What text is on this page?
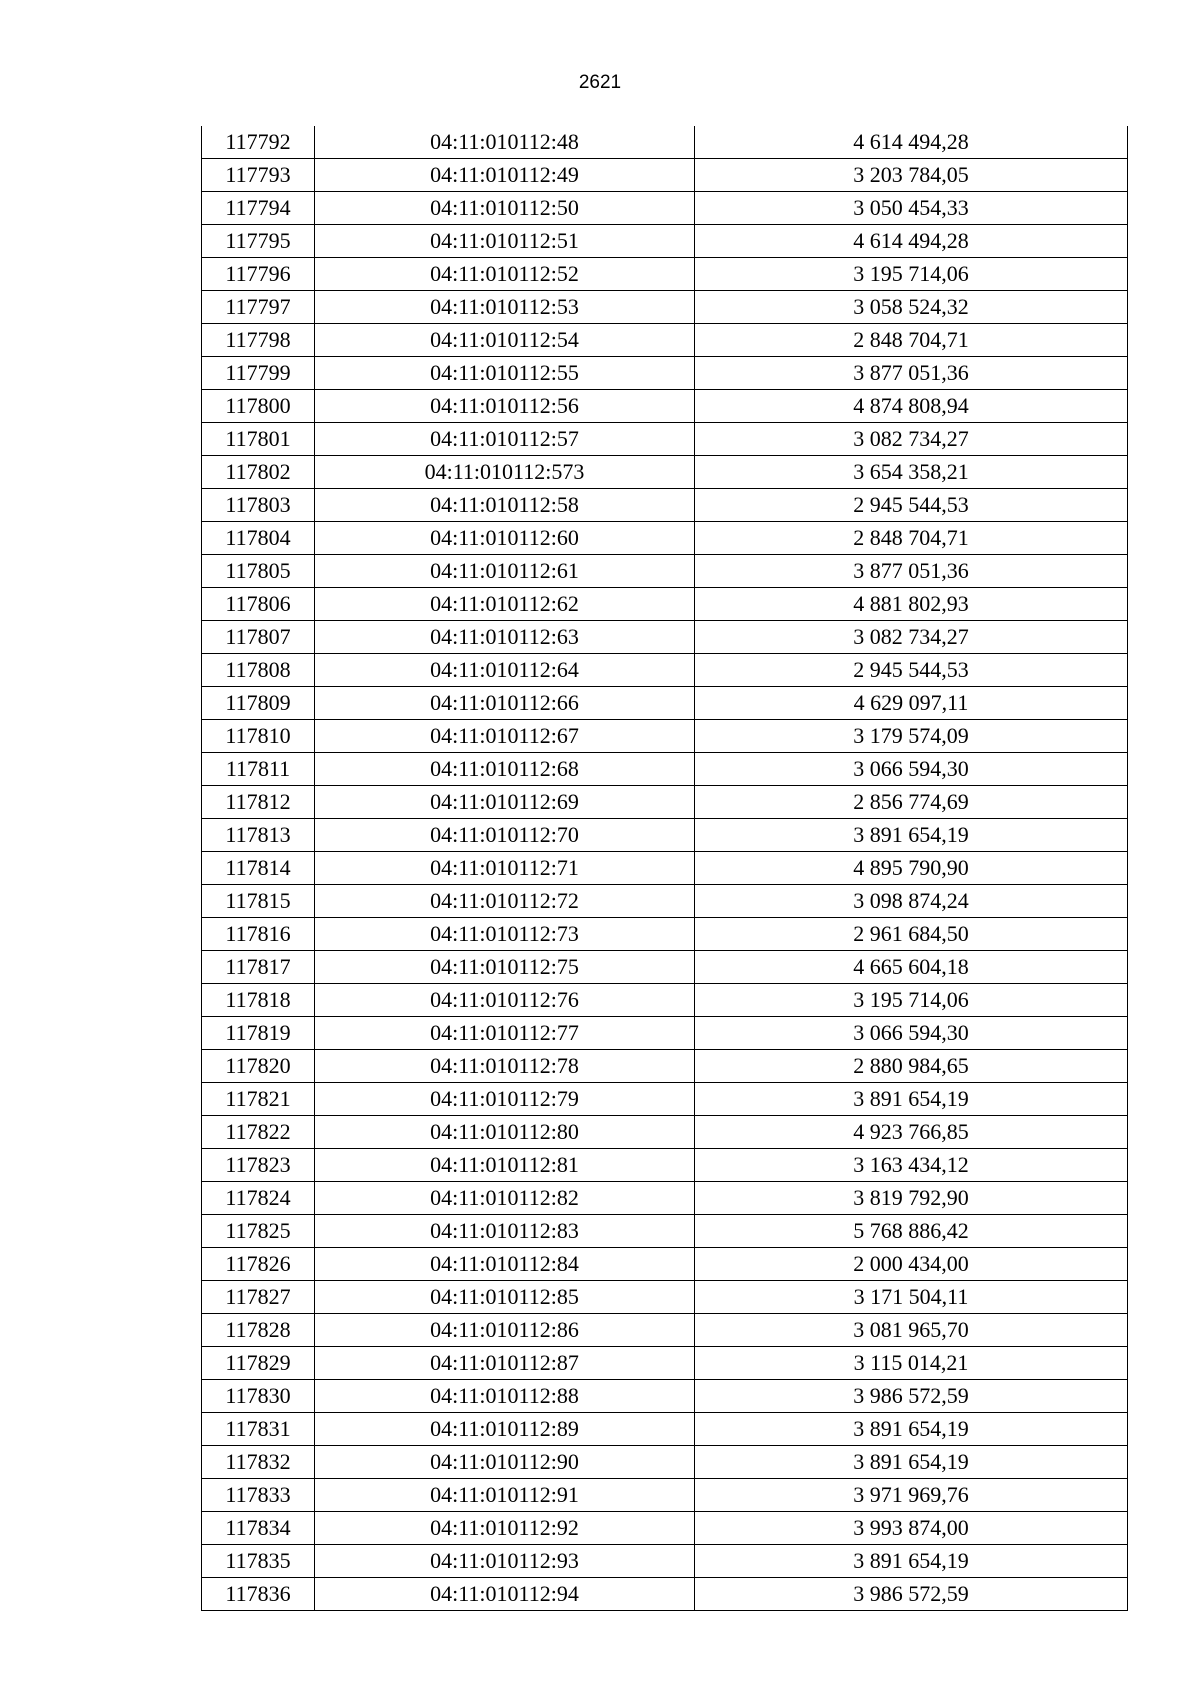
2621
117792	04:11:010112:48	4 614 494,28
117793	04:11:010112:49	3 203 784,05
117794	04:11:010112:50	3 050 454,33
117795	04:11:010112:51	4 614 494,28
117796	04:11:010112:52	3 195 714,06
117797	04:11:010112:53	3 058 524,32
117798	04:11:010112:54	2 848 704,71
117799	04:11:010112:55	3 877 051,36
117800	04:11:010112:56	4 874 808,94
117801	04:11:010112:57	3 082 734,27
117802	04:11:010112:573	3 654 358,21
117803	04:11:010112:58	2 945 544,53
117804	04:11:010112:60	2 848 704,71
117805	04:11:010112:61	3 877 051,36
117806	04:11:010112:62	4 881 802,93
117807	04:11:010112:63	3 082 734,27
117808	04:11:010112:64	2 945 544,53
117809	04:11:010112:66	4 629 097,11
117810	04:11:010112:67	3 179 574,09
117811	04:11:010112:68	3 066 594,30
117812	04:11:010112:69	2 856 774,69
117813	04:11:010112:70	3 891 654,19
117814	04:11:010112:71	4 895 790,90
117815	04:11:010112:72	3 098 874,24
117816	04:11:010112:73	2 961 684,50
117817	04:11:010112:75	4 665 604,18
117818	04:11:010112:76	3 195 714,06
117819	04:11:010112:77	3 066 594,30
117820	04:11:010112:78	2 880 984,65
117821	04:11:010112:79	3 891 654,19
117822	04:11:010112:80	4 923 766,85
117823	04:11:010112:81	3 163 434,12
117824	04:11:010112:82	3 819 792,90
117825	04:11:010112:83	5 768 886,42
117826	04:11:010112:84	2 000 434,00
117827	04:11:010112:85	3 171 504,11
117828	04:11:010112:86	3 081 965,70
117829	04:11:010112:87	3 115 014,21
117830	04:11:010112:88	3 986 572,59
117831	04:11:010112:89	3 891 654,19
117832	04:11:010112:90	3 891 654,19
117833	04:11:010112:91	3 971 969,76
117834	04:11:010112:92	3 993 874,00
117835	04:11:010112:93	3 891 654,19
117836	04:11:010112:94	3 986 572,59
